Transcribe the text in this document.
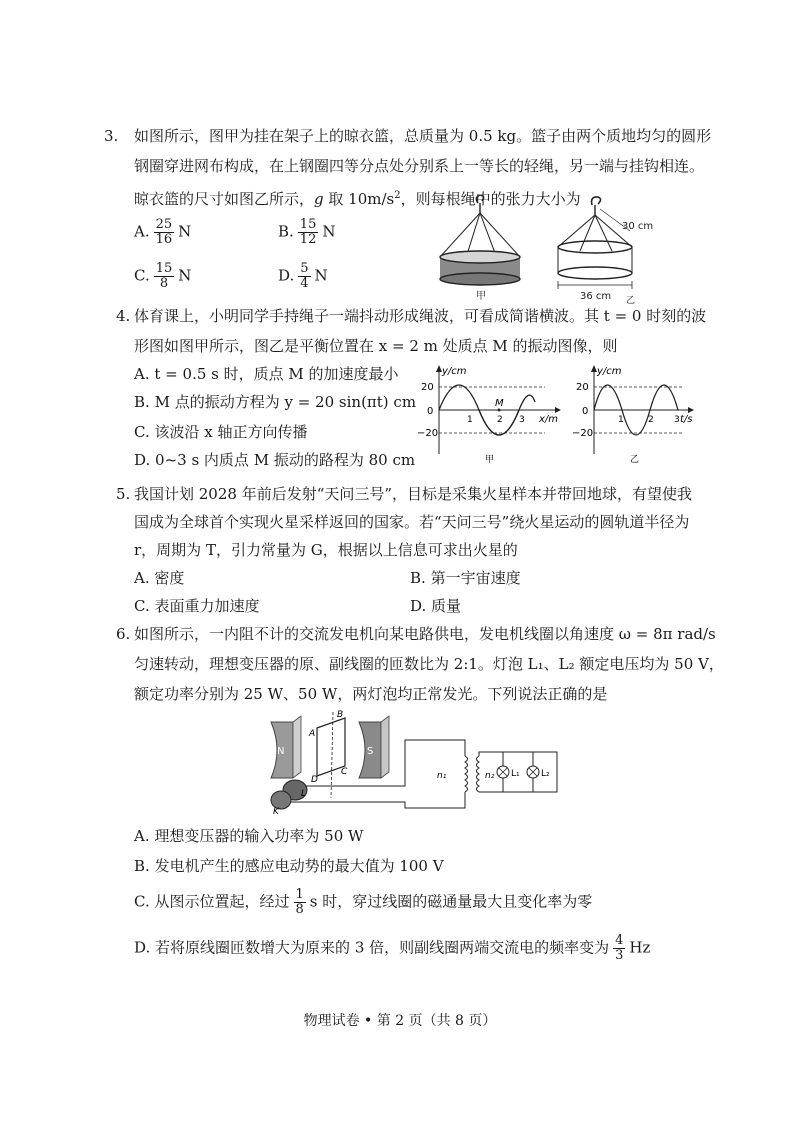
3. 如图所示，图甲为挂在架子上的晾衣篮，总质量为 0.5 kg。篮子由两个质地均匀的圆形
钢圈穿进网布构成，在上钢圈四等分点处分别系上一等长的轻绳，另一端与挂钩相连。
晾衣篮的尺寸如图乙所示，g 取 $10m/s^2$，则每根绳中的张力大小为
A. $\frac{25}{16}$ N	B. $\frac{15}{12}$ N
C. $\frac{15}{8}$ N	D. $\frac{5}{4}$ N
甲
30 cm
36 cm 乙
4. 体育课上，小明同学手持绳子一端抖动形成绳波，可看成简谐横波。其 t = 0 时刻的波
形图如图甲所示，图乙是平衡位置在 x = 2 m 处质点 M 的振动图像，则
A. t = 0.5 s 时，质点 M 的加速度最小
B. M 点的振动方程为 y = 20 sin(πt) cm
C. 该波沿 x 轴正方向传播
D. 0~3 s 内质点 M 振动的路程为 80 cm
y/cm
x/m
20
−20
0
1	2 3
M
甲
y/cm
t/s
20
−20
0
1	2 3
乙
5. 我国计划 2028 年前后发射“天问三号”，目标是采集火星样本并带回地球，有望使我
国成为全球首个实现火星采样返回的国家。若“天问三号”绕火星运动的圆轨道半径为
r，周期为 T，引力常量为 G，根据以上信息可求出火星的
A. 密度	B. 第一宇宙速度
C. 表面重力加速度	D. 质量
6. 如图所示，一内阻不计的交流发电机向某电路供电，发电机线圈以角速度 ω = 8π rad/s
匀速转动，理想变压器的原、副线圈的匝数比为 2:1。灯泡 L₁、L₂ 额定电压均为 50 V，
额定功率分别为 25 W、50 W，两灯泡均正常发光。下列说法正确的是
N	S
B
A
C
D
L
K
n₁	n₂ L₁ L₂
A. 理想变压器的输入功率为 50 W
B. 发电机产生的感应电动势的最大值为 100 V
C. 从图示位置起，经过 $\frac{1}{8}$ s 时，穿过线圈的磁通量最大且变化率为零
D. 若将原线圈匝数增大为原来的 3 倍，则副线圈两端交流电的频率变为 $\frac{4}{3}$ Hz
物理试卷 • 第 2 页（共 8 页）
